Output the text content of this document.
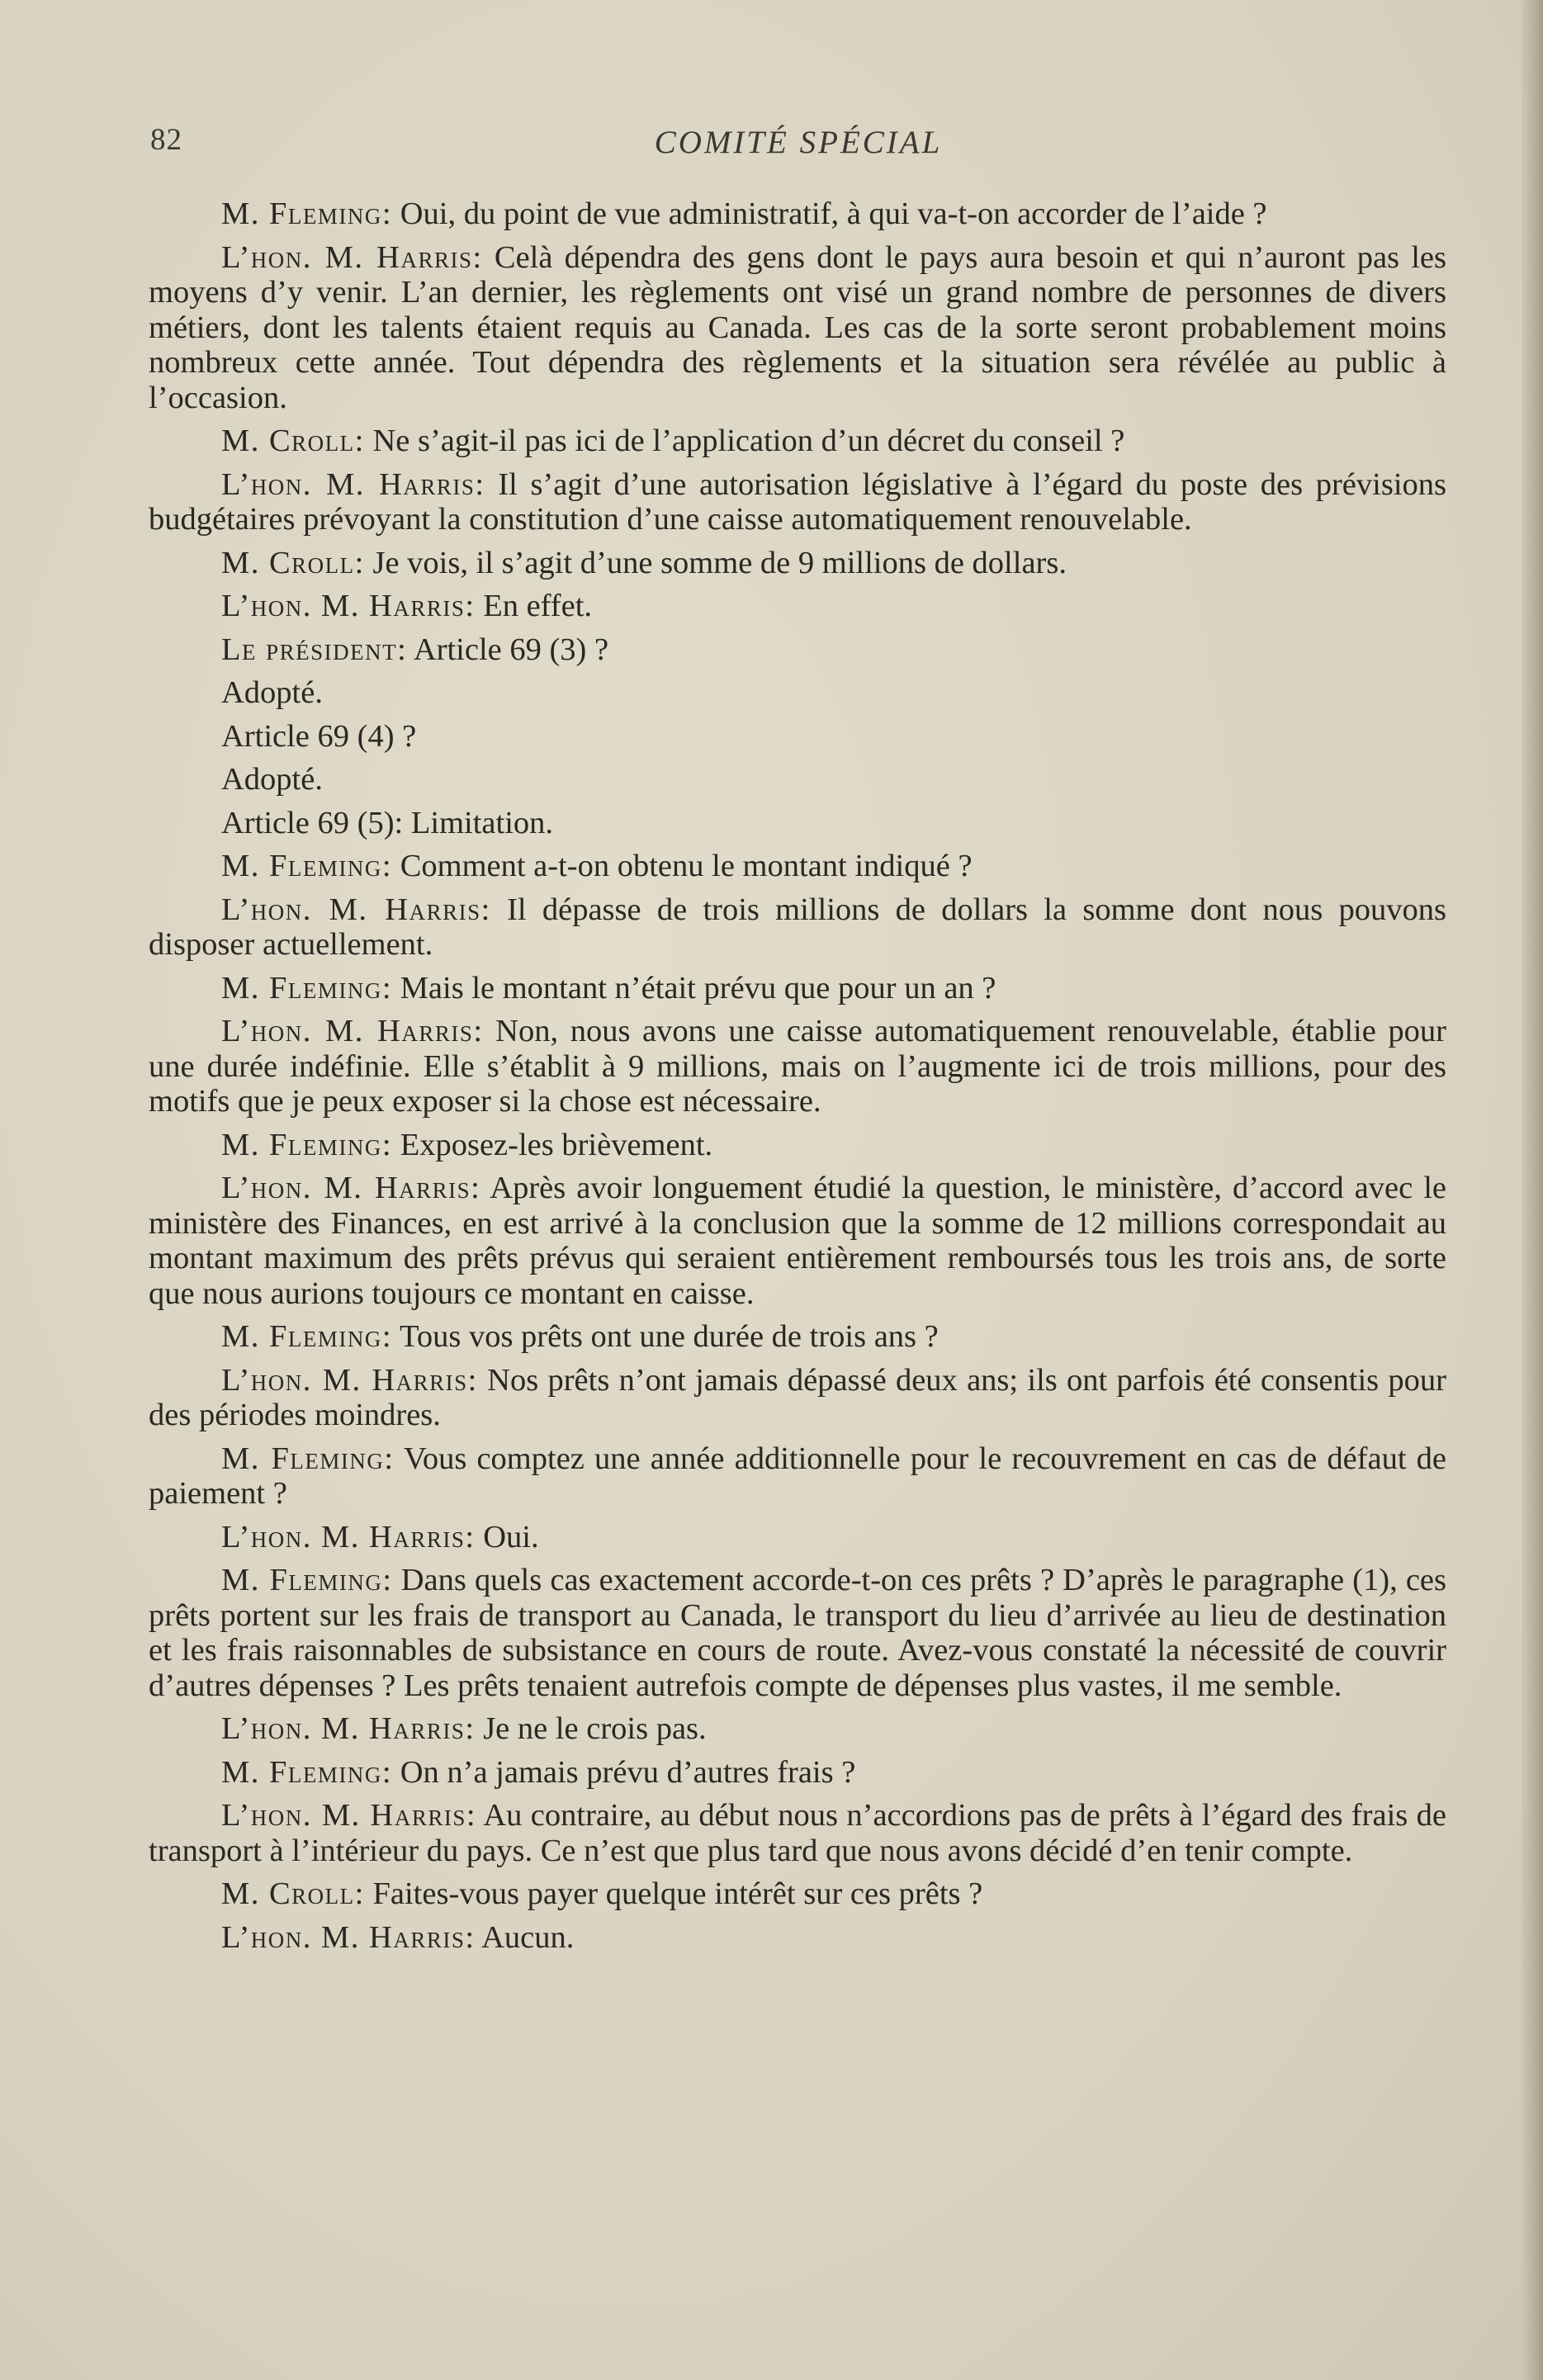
82	COMITÉ SPÉCIAL

M. Fleming: Oui, du point de vue administratif, à qui va-t-on accorder de l’aide ?

L’hon. M. Harris: Celà dépendra des gens dont le pays aura besoin et qui n’auront pas les moyens d’y venir. L’an dernier, les règlements ont visé un grand nombre de personnes de divers métiers, dont les talents étaient requis au Canada. Les cas de la sorte seront probablement moins nombreux cette année. Tout dépendra des règlements et la situation sera révélée au public à l’occasion.

M. Croll: Ne s’agit-il pas ici de l’application d’un décret du conseil ?

L’hon. M. Harris: Il s’agit d’une autorisation législative à l’égard du poste des prévisions budgétaires prévoyant la constitution d’une caisse automatiquement renouvelable.

M. Croll: Je vois, il s’agit d’une somme de 9 millions de dollars.

L’hon. M. Harris: En effet.

Le président: Article 69 (3) ?

Adopté.

Article 69 (4) ?

Adopté.

Article 69 (5): Limitation.

M. Fleming: Comment a-t-on obtenu le montant indiqué ?

L’hon. M. Harris: Il dépasse de trois millions de dollars la somme dont nous pouvons disposer actuellement.

M. Fleming: Mais le montant n’était prévu que pour un an ?

L’hon. M. Harris: Non, nous avons une caisse automatiquement renouvelable, établie pour une durée indéfinie. Elle s’établit à 9 millions, mais on l’augmente ici de trois millions, pour des motifs que je peux exposer si la chose est nécessaire.

M. Fleming: Exposez-les brièvement.

L’hon. M. Harris: Après avoir longuement étudié la question, le ministère, d’accord avec le ministère des Finances, en est arrivé à la conclusion que la somme de 12 millions correspondait au montant maximum des prêts prévus qui seraient entièrement remboursés tous les trois ans, de sorte que nous aurions toujours ce montant en caisse.

M. Fleming: Tous vos prêts ont une durée de trois ans ?

L’hon. M. Harris: Nos prêts n’ont jamais dépassé deux ans; ils ont parfois été consentis pour des périodes moindres.

M. Fleming: Vous comptez une année additionnelle pour le recouvrement en cas de défaut de paiement ?

L’hon. M. Harris: Oui.

M. Fleming: Dans quels cas exactement accorde-t-on ces prêts ? D’après le paragraphe (1), ces prêts portent sur les frais de transport au Canada, le transport du lieu d’arrivée au lieu de destination et les frais raisonnables de subsistance en cours de route. Avez-vous constaté la nécessité de couvrir d’autres dépenses ? Les prêts tenaient autrefois compte de dépenses plus vastes, il me semble.

L’hon. M. Harris: Je ne le crois pas.

M. Fleming: On n’a jamais prévu d’autres frais ?

L’hon. M. Harris: Au contraire, au début nous n’accordions pas de prêts à l’égard des frais de transport à l’intérieur du pays. Ce n’est que plus tard que nous avons décidé d’en tenir compte.

M. Croll: Faites-vous payer quelque intérêt sur ces prêts ?

L’hon. M. Harris: Aucun.
